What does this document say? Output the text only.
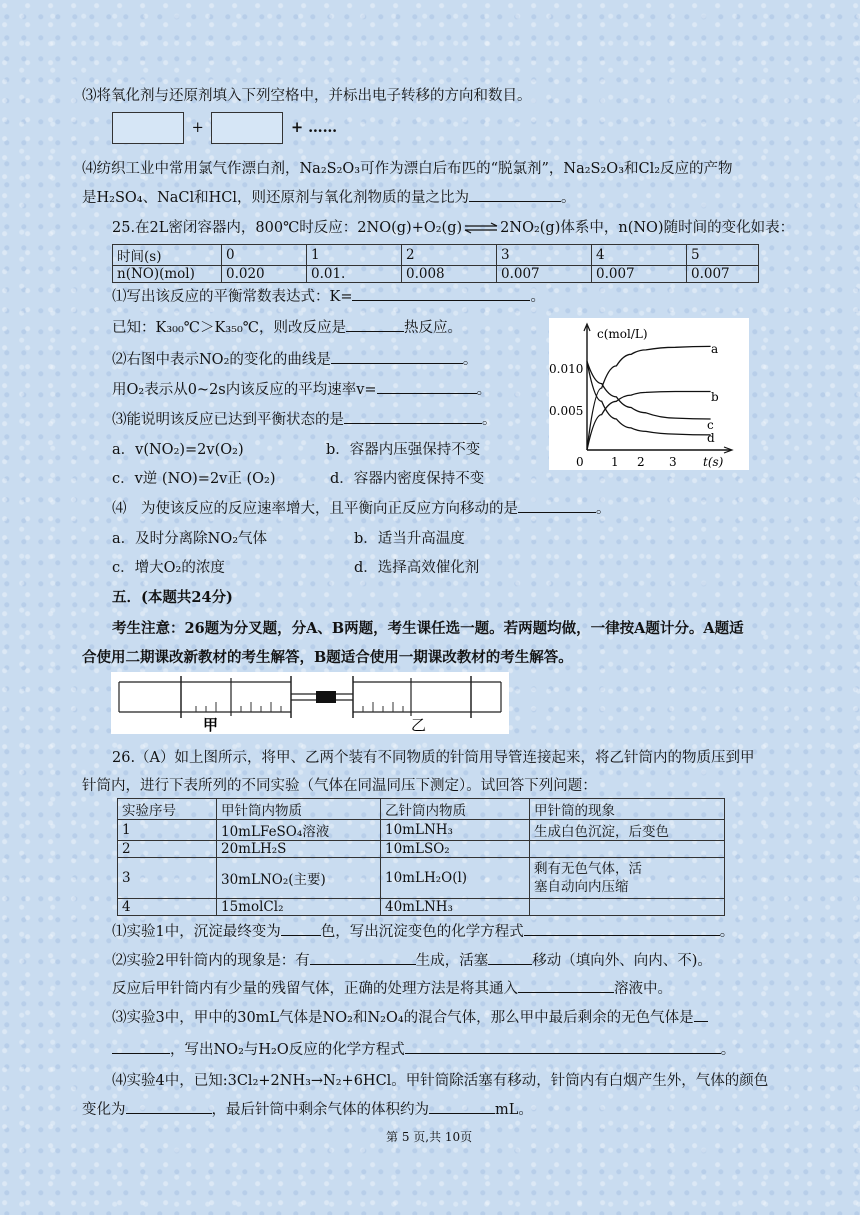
⑶将氧化剂与还原剂填入下列空格中，并标出电子转移的方向和数目。
+	+ ……
⑷纺织工业中常用氯气作漂白剂，Na₂S₂O₃可作为漂白后布匹的“脱氯剂”，Na₂S₂O₃和Cl₂反应的产物
是H₂SO₄、NaCl和HCl，则还原剂与氧化剂物质的量之比为	。
25.在2L密闭容器内，800℃时反应：2NO(g)+O₂(g)⇌2NO₂(g)体系中，n(NO)随时间的变化如表：
时间(s)	0	1	2	3	4	5
n(NO)(mol)	0.020	0.01.	0.008	0.007	0.007	0.007
⑴写出该反应的平衡常数表达式：K=	。
已知：K₃₀₀℃＞K₃₅₀℃，则改反应是	热反应。
⑵右图中表示NO₂的变化的曲线是	。
用O₂表示从0~2s内该反应的平均速率v=	。
⑶能说明该反应已达到平衡状态的是	。
a．v(NO₂)=2v(O₂)	b．容器内压强保持不变
c．v逆 (NO)=2v正 (O₂)	d．容器内密度保持不变
⑷　为使该反应的反应速率增大，且平衡向正反应方向移动的是	。
a．及时分离除NO₂气体	b．适当升高温度
c．增大O₂的浓度	d．选择高效催化剂
c(mol/L)
t(s)
0.010
0.005
0 1 2 3
a
b
c
d
五．(本题共24分)
考生注意：26题为分叉题，分A、B两题，考生课任选一题。若两题均做，一律按A题计分。A题适
合使用二期课改新教材的考生解答，B题适合使用一期课改教材的考生解答。
甲	乙
26.（A）如上图所示，将甲、乙两个装有不同物质的针筒用导管连接起来，将乙针筒内的物质压到甲
针筒内，进行下表所列的不同实验（气体在同温同压下测定）。试回答下列问题：
实验序号	甲针筒内物质	乙针筒内物质	甲针筒的现象
1	10mLFeSO₄溶液	10mLNH₃	生成白色沉淀，后变色
2	20mLH₂S	10mLSO₂	
3	30mLNO₂(主要)	10mLH₂O(l)	剩有无色气体，活
塞自动向内压缩
4	15molCl₂	40mLNH₃	
⑴实验1中，沉淀最终变为	色，写出沉淀变色的化学方程式	。
⑵实验2甲针筒内的现象是：有	生成，活塞	移动（填向外、向内、不)。
反应后甲针筒内有少量的残留气体，正确的处理方法是将其通入	溶液中。
⑶实验3中，甲中的30mL气体是NO₂和N₂O₄的混合气体，那么甲中最后剩余的无色气体是
，写出NO₂与H₂O反应的化学方程式	。
⑷实验4中，已知:3Cl₂+2NH₃→N₂+6HCl。甲针筒除活塞有移动，针筒内有白烟产生外，气体的颜色
变化为	，最后针筒中剩余气体的体积约为	mL。
第 5 页,共 10页
